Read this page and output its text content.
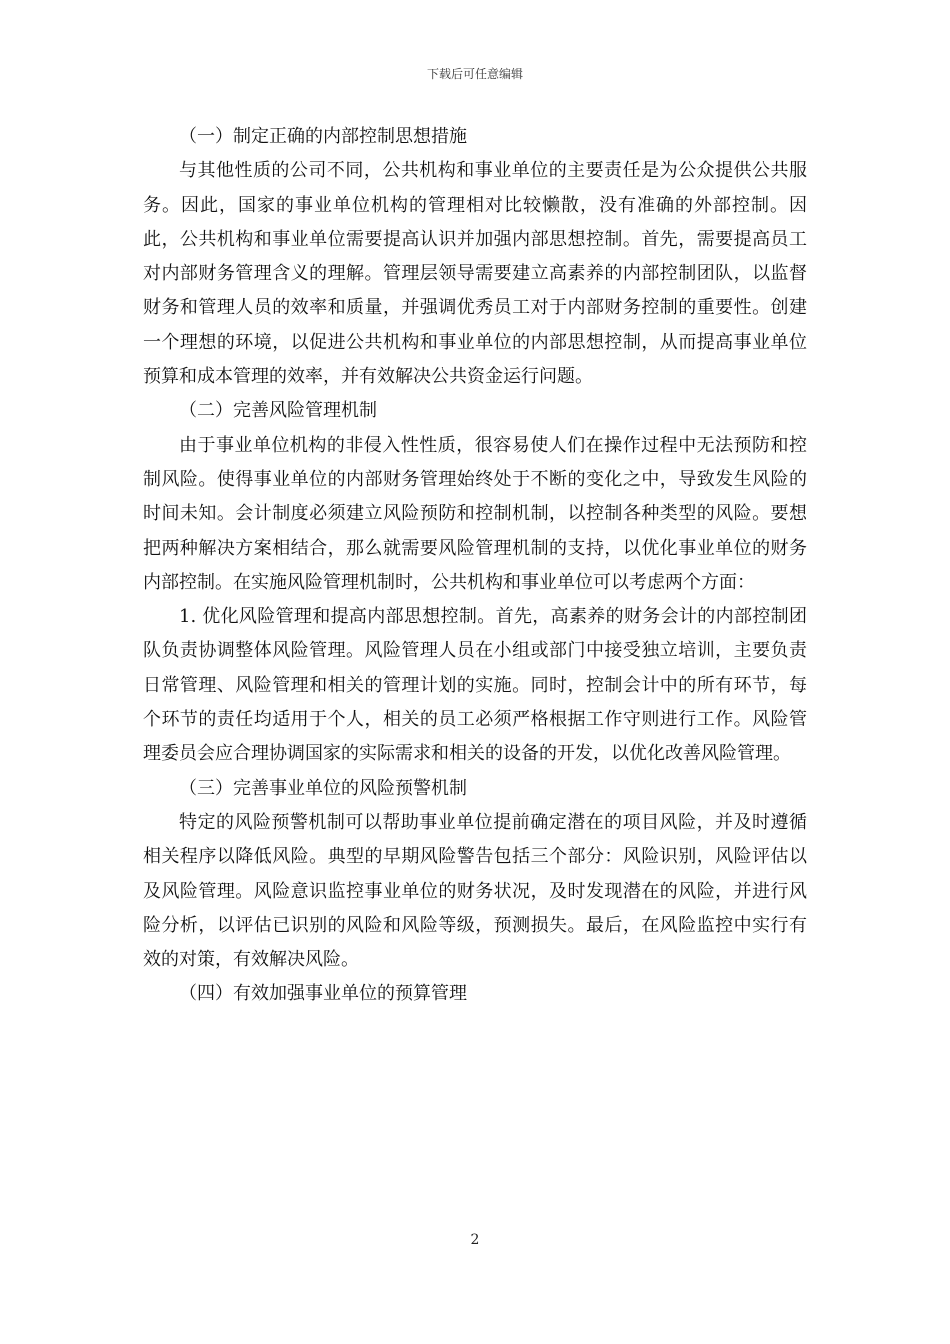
下载后可任意编辑

（一）制定正确的内部控制思想措施

与其他性质的公司不同，公共机构和事业单位的主要责任是为公众提供公共服务。因此，国家的事业单位机构的管理相对比较懒散，没有准确的外部控制。因此，公共机构和事业单位需要提高认识并加强内部思想控制。首先，需要提高员工对内部财务管理含义的理解。管理层领导需要建立高素养的内部控制团队，以监督财务和管理人员的效率和质量，并强调优秀员工对于内部财务控制的重要性。创建一个理想的环境，以促进公共机构和事业单位的内部思想控制，从而提高事业单位预算和成本管理的效率，并有效解决公共资金运行问题。

（二）完善风险管理机制

由于事业单位机构的非侵入性性质，很容易使人们在操作过程中无法预防和控制风险。使得事业单位的内部财务管理始终处于不断的变化之中，导致发生风险的时间未知。会计制度必须建立风险预防和控制机制，以控制各种类型的风险。要想把两种解决方案相结合，那么就需要风险管理机制的支持，以优化事业单位的财务内部控制。在实施风险管理机制时，公共机构和事业单位可以考虑两个方面：

1. 优化风险管理和提高内部思想控制。首先，高素养的财务会计的内部控制团队负责协调整体风险管理。风险管理人员在小组或部门中接受独立培训，主要负责日常管理、风险管理和相关的管理计划的实施。同时，控制会计中的所有环节，每个环节的责任均适用于个人，相关的员工必须严格根据工作守则进行工作。风险管理委员会应合理协调国家的实际需求和相关的设备的开发，以优化改善风险管理。

（三）完善事业单位的风险预警机制

特定的风险预警机制可以帮助事业单位提前确定潜在的项目风险，并及时遵循相关程序以降低风险。典型的早期风险警告包括三个部分：风险识别，风险评估以及风险管理。风险意识监控事业单位的财务状况，及时发现潜在的风险，并进行风险分析，以评估已识别的风险和风险等级，预测损失。最后，在风险监控中实行有效的对策，有效解决风险。

（四）有效加强事业单位的预算管理

2
